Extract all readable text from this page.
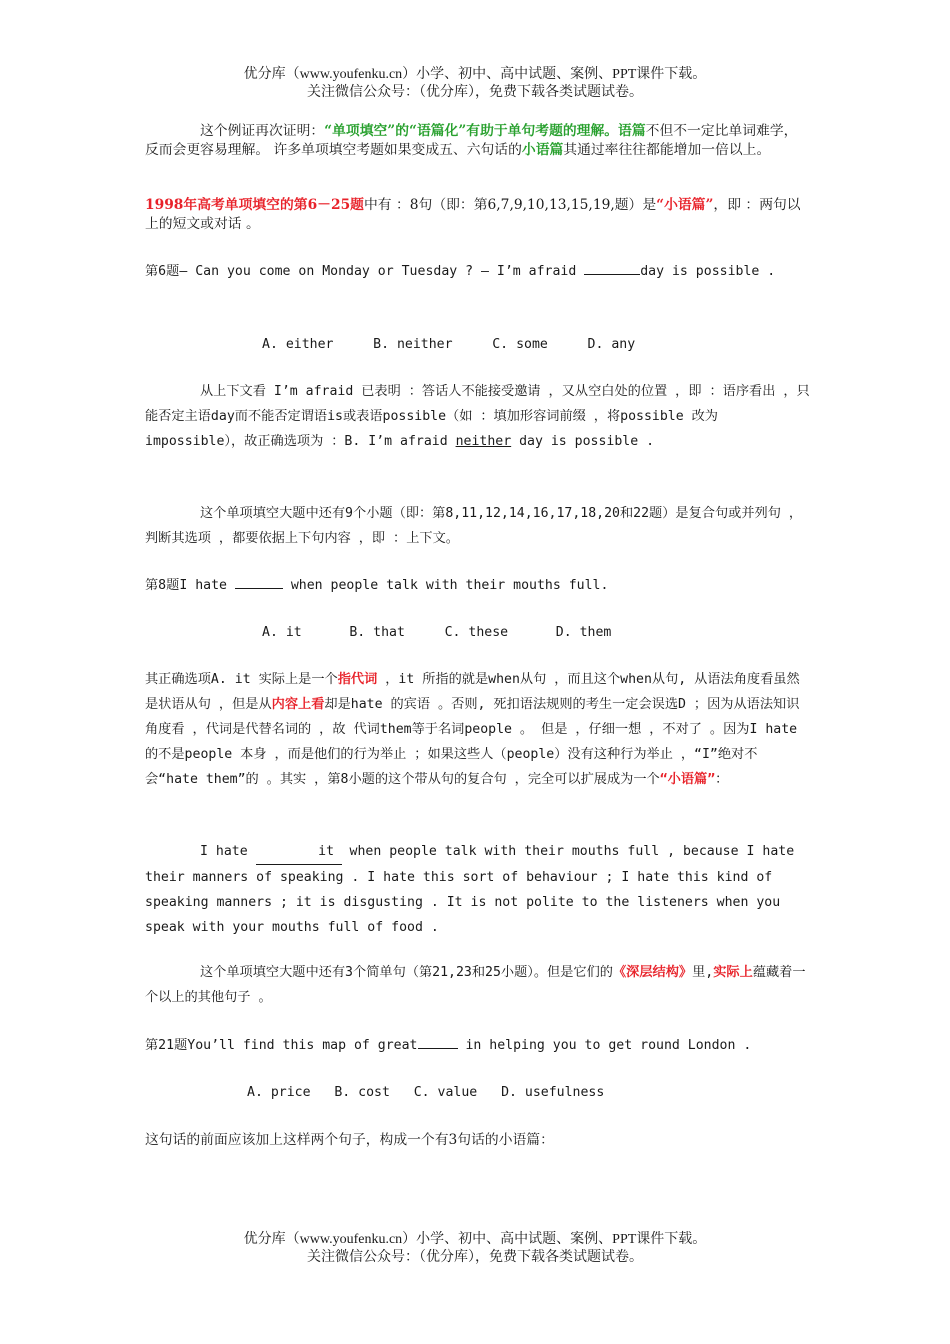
优分库（www.youfenku.cn）小学、初中、高中试题、案例、PPT课件下载。
关注微信公众号：（优分库），免费下载各类试题试卷。
这个例证再次证明：“单项填空”的“语篇化”有助于单句考题的理解。语篇不但不一定比单词难学， 反而会更容易理解。 许多单项填空考题如果变成五、六句话的小语篇其通过率往往都能增加一倍以上。
1998年高考单项填空的第6－25题中有 ：8句（即：第6,7,9,10,13,15,19,题）是“小语篇”，即 ：两句以上的短文或对话 。
第6题— Can you come on Monday or Tuesday ? — I’m afraid	day is possible .
A. either     B. neither     C. some     D. any
从上下文看 I’m afraid 已表明 ：答话人不能接受邀请 ，又从空白处的位置 ，即 ：语序看出 ，只能否定主语day而不能否定谓语is或表语possible（如 ：填加形容词前缀 ，将possible 改为impossible），故正确选项为 ：B. I’m afraid neither day is possible .
这个单项填空大题中还有9个小题（即：第8,11,12,14,16,17,18,20和22题）是复合句或并列句 ，判断其选项 ，都要依据上下句内容 ，即 ：上下文。
第8题I hate	when people talk with their mouths full.
A. it      B. that     C. these      D. them
其正确选项A. it 实际上是一个指代词 ，it 所指的就是when从句 ，而且这个when从句, 从语法角度看虽然是状语从句 ，但是从内容上看却是hate 的宾语 。否则, 死扣语法规则的考生一定会误选D ；因为从语法知识角度看 ，代词是代替名词的 ，故 代词them等于名词people 。 但是 ，仔细一想 ，不对了 。因为I hate 的不是people 本身 ，而是他们的行为举止 ；如果这些人（people）没有这种行为举止 ，“I”绝对不会“hate them”的 。其实 ，第8小题的这个带从句的复合句 ，完全可以扩展成为一个“小语篇”：
I hate	it when people talk with their mouths full , because I hate their manners of speaking . I hate this sort of behaviour ; I hate this kind of speaking manners ; it is disgusting . It is not polite to the listeners when you speak with your mouths full of food .
这个单项填空大题中还有3个简单句（第21,23和25小题）。但是它们的《深层结构》里,实际上蕴藏着一个以上的其他句子 。
第21题You’ll find this map of great	in helping you to get round London .
A. price   B. cost   C. value   D. usefulness
这句话的前面应该加上这样两个句子，构成一个有3句话的小语篇：
优分库（www.youfenku.cn）小学、初中、高中试题、案例、PPT课件下载。
关注微信公众号：（优分库），免费下载各类试题试卷。
